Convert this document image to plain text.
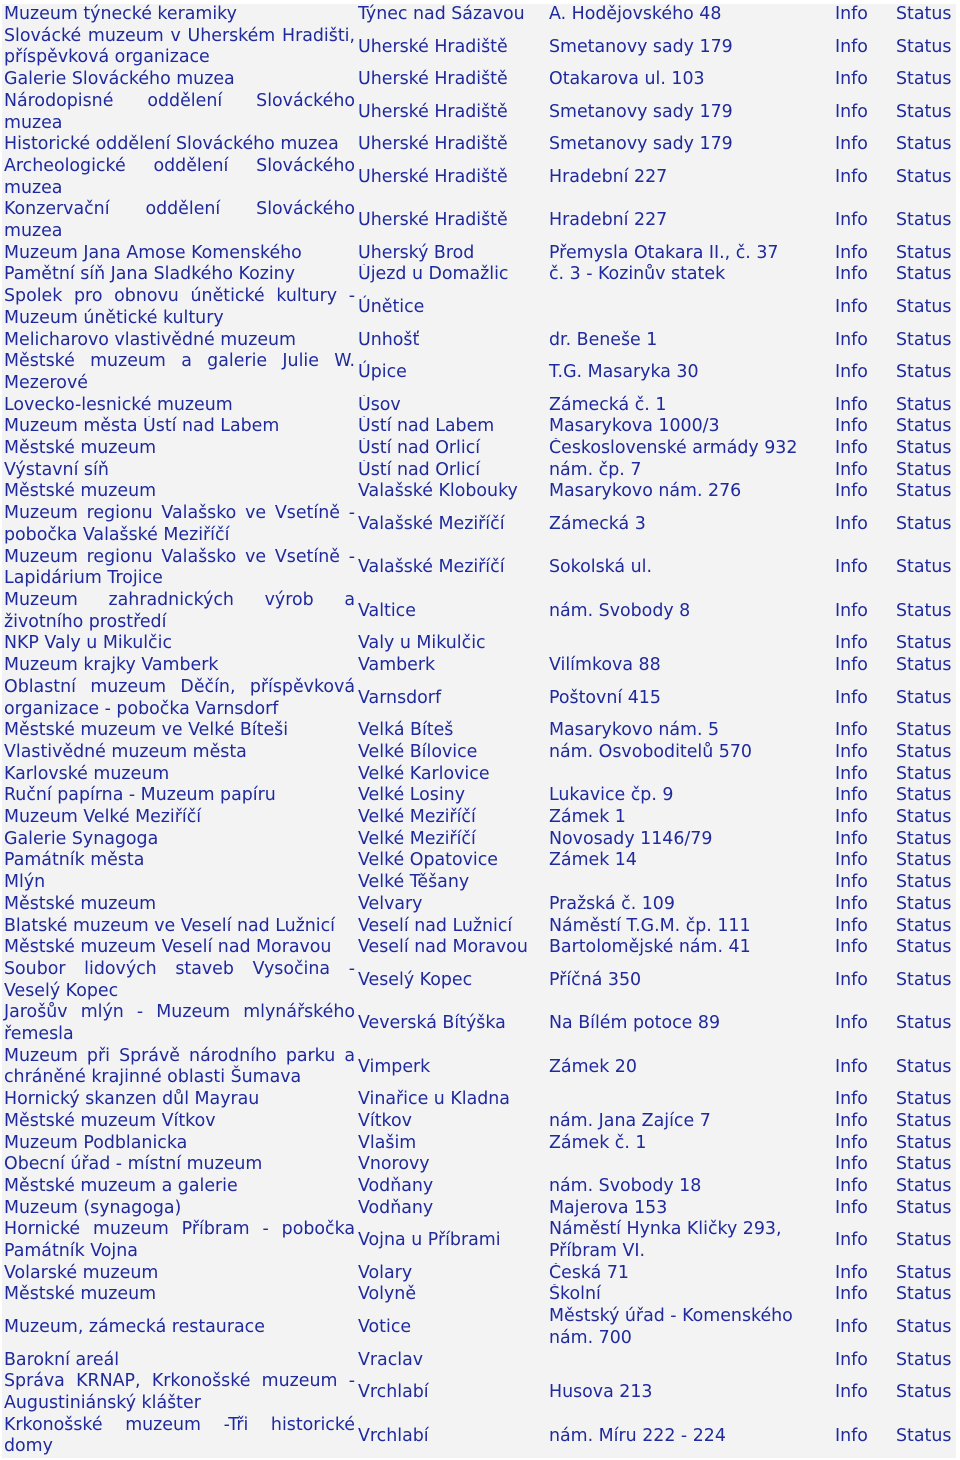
Muzeum týnecké keramiky	Týnec nad Sázavou	A. Hodějovského 48	Info	Status
Slovácké muzeum v Uherském Hradišti, příspěvková organizace	Uherské Hradiště	Smetanovy sady 179	Info	Status
Galerie Slováckého muzea	Uherské Hradiště	Otakarova ul. 103	Info	Status
Národopisné oddělení Slováckého muzea	Uherské Hradiště	Smetanovy sady 179	Info	Status
Historické oddělení Slováckého muzea	Uherské Hradiště	Smetanovy sady 179	Info	Status
Archeologické oddělení Slováckého muzea	Uherské Hradiště	Hradební 227	Info	Status
Konzervační oddělení Slováckého muzea	Uherské Hradiště	Hradební 227	Info	Status
Muzeum Jana Amose Komenského	Uherský Brod	Přemysla Otakara II., č. 37	Info	Status
Pamětní síň Jana Sladkého Koziny	Újezd u Domažlic	č. 3 - Kozinův statek	Info	Status
Spolek pro obnovu únětické kultury - Muzeum únětické kultury	Únětice		Info	Status
Melicharovo vlastivědné muzeum	Unhošť	dr. Beneše 1	Info	Status
Městské muzeum a galerie Julie W. Mezerové	Úpice	T.G. Masaryka 30	Info	Status
Lovecko-lesnické muzeum	Úsov	Zámecká č. 1	Info	Status
Muzeum města Ústí nad Labem	Ústí nad Labem	Masarykova 1000/3	Info	Status
Městské muzeum	Ústí nad Orlicí	Československé armády 932	Info	Status
Výstavní síň	Ústí nad Orlicí	nám. čp. 7	Info	Status
Městské muzeum	Valašské Klobouky	Masarykovo nám. 276	Info	Status
Muzeum regionu Valašsko ve Vsetíně - pobočka Valašské Meziříčí	Valašské Meziříčí	Zámecká 3	Info	Status
Muzeum regionu Valašsko ve Vsetíně - Lapidárium Trojice	Valašské Meziříčí	Sokolská ul.	Info	Status
Muzeum zahradnických výrob a životního prostředí	Valtice	nám. Svobody 8	Info	Status
NKP Valy u Mikulčic	Valy u Mikulčic		Info	Status
Muzeum krajky Vamberk	Vamberk	Vilímkova 88	Info	Status
Oblastní muzeum Děčín, příspěvková organizace - pobočka Varnsdorf	Varnsdorf	Poštovní 415	Info	Status
Městské muzeum ve Velké Bíteši	Velká Bíteš	Masarykovo nám. 5	Info	Status
Vlastivědné muzeum města	Velké Bílovice	nám. Osvoboditelů 570	Info	Status
Karlovské muzeum	Velké Karlovice		Info	Status
Ruční papírna - Muzeum papíru	Velké Losiny	Lukavice čp. 9	Info	Status
Muzeum Velké Meziříčí	Velké Meziříčí	Zámek 1	Info	Status
Galerie Synagoga	Velké Meziříčí	Novosady 1146/79	Info	Status
Památník města	Velké Opatovice	Zámek 14	Info	Status
Mlýn	Velké Těšany		Info	Status
Městské muzeum	Velvary	Pražská č. 109	Info	Status
Blatské muzeum ve Veselí nad Lužnicí	Veselí nad Lužnicí	Náměstí T.G.M. čp. 111	Info	Status
Městské muzeum Veselí nad Moravou	Veselí nad Moravou	Bartolomějské nám. 41	Info	Status
Soubor lidových staveb Vysočina - Veselý Kopec	Veselý Kopec	Příčná 350	Info	Status
Jarošův mlýn - Muzeum mlynářského řemesla	Veverská Bítýška	Na Bílém potoce 89	Info	Status
Muzeum při Správě národního parku a chráněné krajinné oblasti Šumava	Vimperk	Zámek 20	Info	Status
Hornický skanzen důl Mayrau	Vinařice u Kladna		Info	Status
Městské muzeum Vítkov	Vítkov	nám. Jana Zajíce 7	Info	Status
Muzeum Podblanicka	Vlašim	Zámek č. 1	Info	Status
Obecní úřad - místní muzeum	Vnorovy		Info	Status
Městské muzeum a galerie	Vodňany	nám. Svobody 18	Info	Status
Muzeum (synagoga)	Vodňany	Majerova 153	Info	Status
Hornické muzeum Příbram - pobočka Památník Vojna	Vojna u Příbrami	Náměstí Hynka Kličky 293, Příbram VI.	Info	Status
Volarské muzeum	Volary	Česká 71	Info	Status
Městské muzeum	Volyně	Školní	Info	Status
Muzeum, zámecká restaurace	Votice	Městský úřad - Komenského nám. 700	Info	Status
Barokní areál	Vraclav		Info	Status
Správa KRNAP, Krkonošské muzeum - Augustiniánský klášter	Vrchlabí	Husova 213	Info	Status
Krkonošské muzeum -Tři historické domy	Vrchlabí	nám. Míru 222 - 224	Info	Status
